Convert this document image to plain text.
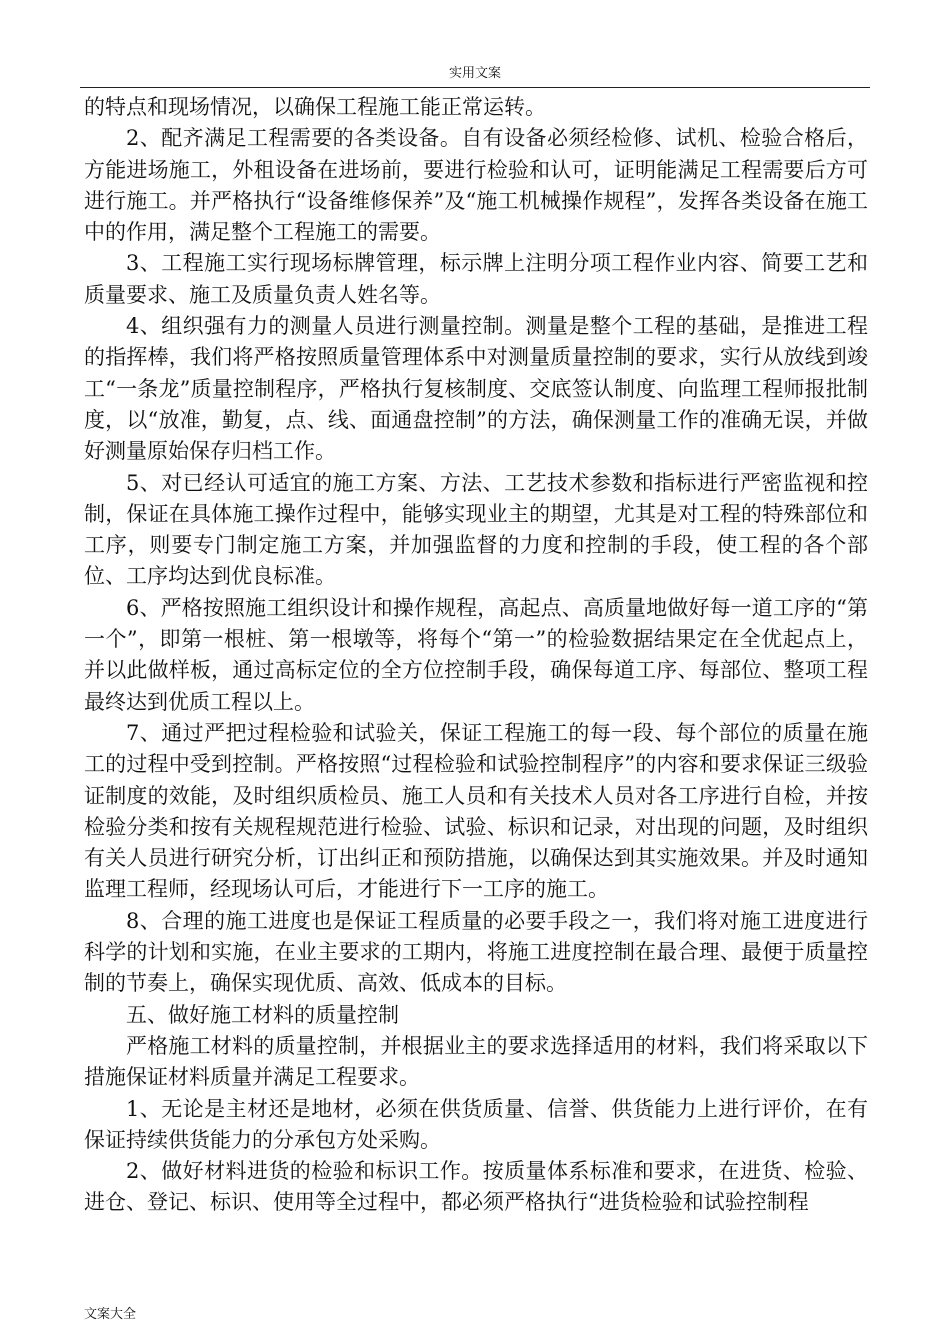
实用文案

的特点和现场情况，以确保工程施工能正常运转。

2、配齐满足工程需要的各类设备。自有设备必须经检修、试机、检验合格后，方能进场施工，外租设备在进场前，要进行检验和认可，证明能满足工程需要后方可进行施工。并严格执行“设备维修保养”及“施工机械操作规程”，发挥各类设备在施工中的作用，满足整个工程施工的需要。

3、工程施工实行现场标牌管理，标示牌上注明分项工程作业内容、简要工艺和质量要求、施工及质量负责人姓名等。

4、组织强有力的测量人员进行测量控制。测量是整个工程的基础，是推进工程的指挥棒，我们将严格按照质量管理体系中对测量质量控制的要求，实行从放线到竣工“一条龙”质量控制程序，严格执行复核制度、交底签认制度、向监理工程师报批制度，以“放准，勤复，点、线、面通盘控制”的方法，确保测量工作的准确无误，并做好测量原始保存归档工作。

5、对已经认可适宜的施工方案、方法、工艺技术参数和指标进行严密监视和控制，保证在具体施工操作过程中，能够实现业主的期望，尤其是对工程的特殊部位和工序，则要专门制定施工方案，并加强监督的力度和控制的手段，使工程的各个部位、工序均达到优良标准。

6、严格按照施工组织设计和操作规程，高起点、高质量地做好每一道工序的“第一个”，即第一根桩、第一根墩等，将每个“第一”的检验数据结果定在全优起点上，并以此做样板，通过高标定位的全方位控制手段，确保每道工序、每部位、整项工程最终达到优质工程以上。

7、通过严把过程检验和试验关，保证工程施工的每一段、每个部位的质量在施工的过程中受到控制。严格按照“过程检验和试验控制程序”的内容和要求保证三级验证制度的效能，及时组织质检员、施工人员和有关技术人员对各工序进行自检，并按检验分类和按有关规程规范进行检验、试验、标识和记录，对出现的问题，及时组织有关人员进行研究分析，订出纠正和预防措施，以确保达到其实施效果。并及时通知监理工程师，经现场认可后，才能进行下一工序的施工。

8、合理的施工进度也是保证工程质量的必要手段之一，我们将对施工进度进行科学的计划和实施，在业主要求的工期内，将施工进度控制在最合理、最便于质量控制的节奏上，确保实现优质、高效、低成本的目标。

五、做好施工材料的质量控制

严格施工材料的质量控制，并根据业主的要求选择适用的材料，我们将采取以下措施保证材料质量并满足工程要求。

1、无论是主材还是地材，必须在供货质量、信誉、供货能力上进行评价，在有保证持续供货能力的分承包方处采购。

2、做好材料进货的检验和标识工作。按质量体系标准和要求，在进货、检验、进仓、登记、标识、使用等全过程中，都必须严格执行“进货检验和试验控制程

文案大全
